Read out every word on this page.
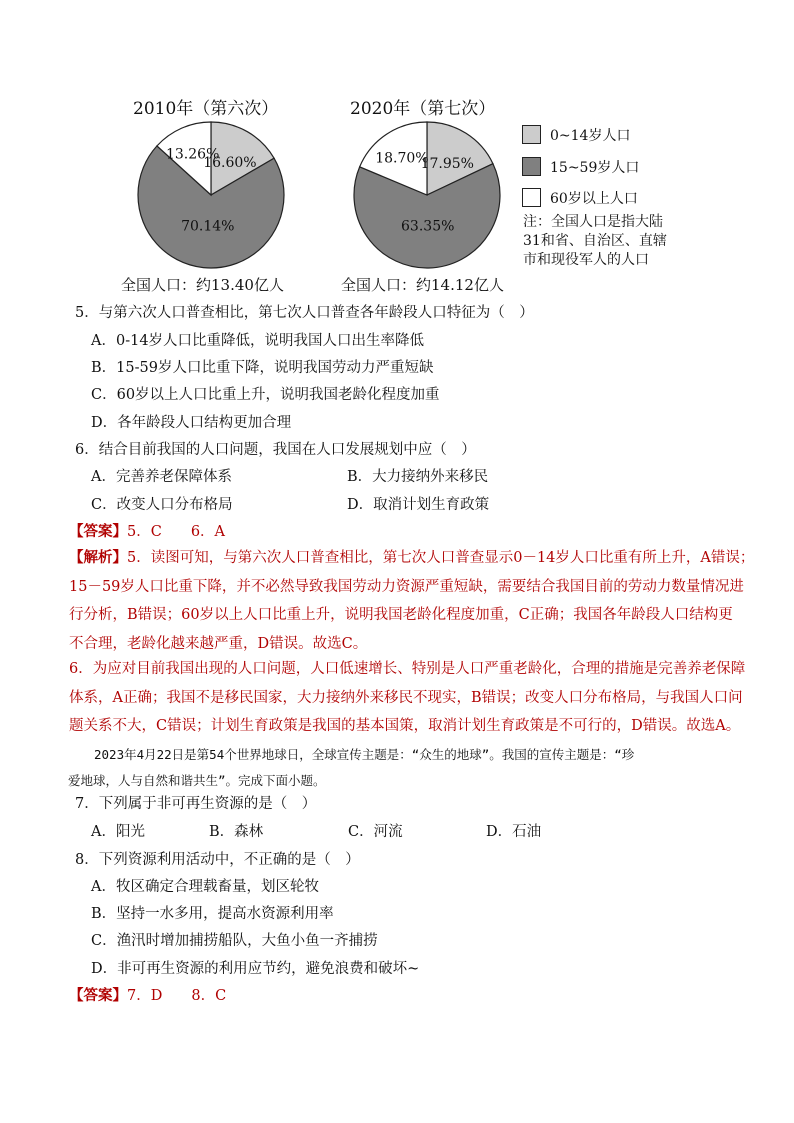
2010年（第六次）	2020年（第七次）
16.60%
70.14%
13.26%
17.95%
63.35%
18.70%
全国人口：约13.40亿人	全国人口：约14.12亿人
0~14岁人口
15~59岁人口
60岁以上人口
注：全国人口是指大陆
31和省、自治区、直辖
市和现役军人的人口
5．与第六次人口普查相比，第七次人口普查各年龄段人口特征为（　）
A．0-14岁人口比重降低，说明我国人口出生率降低
B．15-59岁人口比重下降，说明我国劳动力严重短缺
C．60岁以上人口比重上升，说明我国老龄化程度加重
D．各年龄段人口结构更加合理
6．结合目前我国的人口问题，我国在人口发展规划中应（　）
A．完善养老保障体系	B．大力接纳外来移民
C．改变人口分布格局	D．取消计划生育政策
【答案】5．C　　6．A
【解析】5．读图可知，与第六次人口普查相比，第七次人口普查显示0－14岁人口比重有所上升，A错误；
15－59岁人口比重下降，并不必然导致我国劳动力资源严重短缺，需要结合我国目前的劳动力数量情况进
行分析，B错误；60岁以上人口比重上升，说明我国老龄化程度加重，C正确；我国各年龄段人口结构更
不合理，老龄化越来越严重，D错误。故选C。
6．为应对目前我国出现的人口问题，人口低速增长、特别是人口严重老龄化，合理的措施是完善养老保障
体系，A正确；我国不是移民国家，大力接纳外来移民不现实，B错误；改变人口分布格局，与我国人口问
题关系不大，C错误；计划生育政策是我国的基本国策，取消计划生育政策是不可行的，D错误。故选A。
2023年4月22日是第54个世界地球日，全球宣传主题是：“众生的地球”。我国的宣传主题是：“珍
爱地球，人与自然和谐共生”。完成下面小题。
7．下列属于非可再生资源的是（　）
A．阳光	B．森林	C．河流	D．石油
8．下列资源利用活动中，不正确的是（　）
A．牧区确定合理载畜量，划区轮牧
B．坚持一水多用，提高水资源利用率
C．渔汛时增加捕捞船队，大鱼小鱼一齐捕捞
D．非可再生资源的利用应节约，避免浪费和破坏~
【答案】7．D　　8．C
